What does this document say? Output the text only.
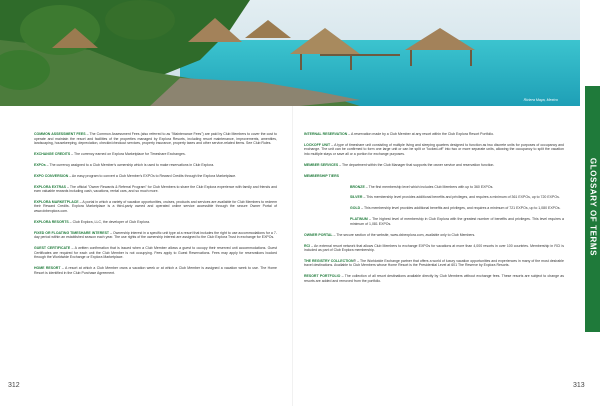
Riviera Maya, Mexico
GLOSSARY OF TERMS

COMMON ASSESSMENT FEES – The Common Assessment Fees (also referred to as "Maintenance Fees") are paid by Club Members to cover the cost to operate and maintain the resort and facilities of the properties managed by Explora Resorts, including resort maintenance, improvements, amenities, landscaping, housekeeping, depreciation, checkin/checkout services, property insurance, property taxes and other service-related items. See Club Rules.

EXCHANGE CREDITS – The currency earned on Explora Marketplace for Timeshare Exchanges.

EXPOs – The currency assigned to a Club Member's ownership which is used to make reservations in Club Explora.

EXPO CONVERSION – An easy program to convert a Club Member's EXPOs to Reward Credits through the Explora Marketplace.

EXPLORA EXTRAS – The official "Owner Rewards & Referral Program" for Club Members to share the Club Explora experience with family and friends and earn valuable rewards including cash, vacations, rental cars, and so much more.

EXPLORA MARKETPLACE – A portal in which a variety of vacation opportunities, cruises, products and services are available for Club Members to redeem their Reward Credits. Explora Marketplace is a third-party owned and operated online service accessible through the secure Owner Portal of www.dxbexplora.com.

EXPLORA RESORTS – Club Explora, LLC, the developer of Club Explora.

FIXED OR FLOATING TIMESHARE INTEREST – Ownership interest in a specific unit type at a resort that includes the right to use accommodations for a 7-day period within an established season each year. The use rights of the ownership interest are assigned to the Club Explora Trust in exchange for EXPOs.

GUEST CERTIFICATE – A written confirmation that is issued when a Club Member allows a guest to occupy their reserved unit accommodations. Guest Certificates are required for each unit the Club Member is not occupying. Fees apply to Guest Reservations. Fees may apply for reservations booked through the Worldwide Exchange or Explora Marketplace.

HOME RESORT – A resort at which a Club Member owns a vacation week or at which a Club Member is assigned a vacation week to use. The Home Resort is identified in the Club Purchase Agreement.

INTERNAL RESERVATION – A reservation made by a Club Member at any resort within the Club Explora Resort Portfolio.

LOCKOFF UNIT – A type of timeshare unit consisting of multiple living and sleeping quarters designed to function as two discrete units for purposes of occupancy and exchange. The unit can be confirmed to form one large unit or can be split or "locked-off" into two or more separate units, allowing the occupancy to split the vacation into multiple stays or save all or a portion for exchange purposes.

MEMBER SERVICES – The department within the Club Manager that supports the owner service and reservation function.

MEMBERSHIP TIERS

BRONZE – The first membership level which includes Club Members with up to 360 EXPOs.

SILVER – This membership level provides additional benefits and privileges, and requires a minimum of 361 EXPOs, up to 720 EXPOs.

GOLD – This membership level provides additional benefits and privileges, and requires a minimum of 721 EXPOs, up to 1,080 EXPOs.

PLATINUM – The highest level of membership in Club Explora with the greatest number of benefits and privileges. This level requires a minimum of 1,081 EXPOs.

OWNER PORTAL – The secure section of the website, www.dxbexplora.com, available only to Club Members.

RCI – An external resort network that allows Club Members to exchange EXPOs for vacations at more than 4,000 resorts in over 100 countries. Membership in RCI is included as part of Club Explora membership.

THE REGISTRY COLLECTION® – The Worldwide Exchange partner that offers a world of luxury vacation opportunities and experiences in many of the most desirable travel destinations. Available to Club Members whose Home Resort is the Presidential Level at 601 The Reserve by Explora Resorts.

RESORT PORTFOLIO – The collection of all resort destinations available directly by Club Members without exchange fees. These resorts are subject to change as resorts are added and removed from the portfolio.

312	313
